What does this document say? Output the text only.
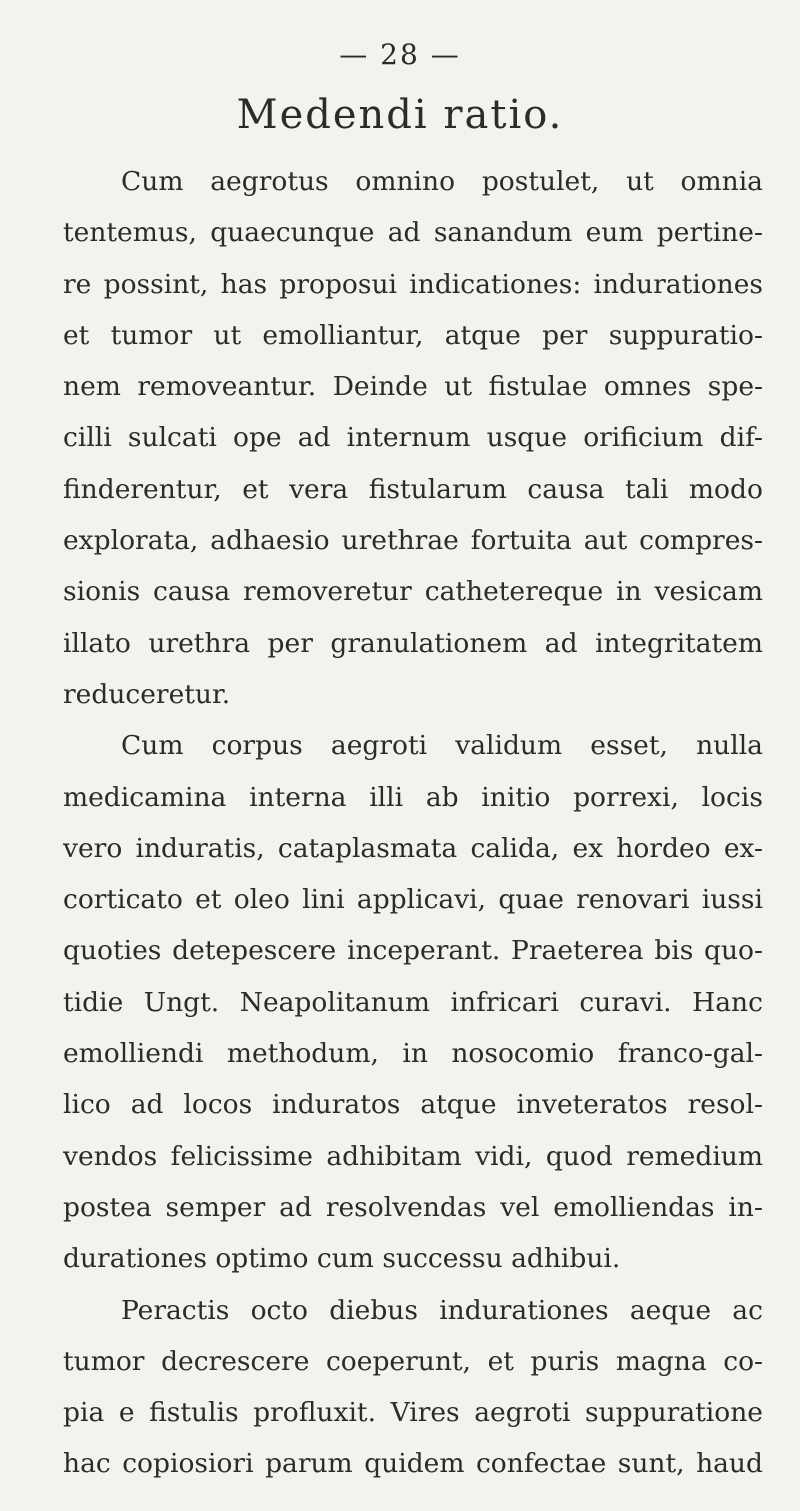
— 28 —
Medendi ratio.
Cum aegrotus omnino postulet, ut omnia
tentemus, quaecunque ad sanandum eum pertine-
re possint, has proposui indicationes: indurationes
et tumor ut emolliantur, atque per suppuratio-
nem removeantur. Deinde ut fistulae omnes spe-
cilli sulcati ope ad internum usque orificium dif-
finderentur, et vera fistularum causa tali modo
explorata, adhaesio urethrae fortuita aut compres-
sionis causa removeretur cathetereque in vesicam
illato urethra per granulationem ad integritatem
reduceretur.
Cum corpus aegroti validum esset, nulla
medicamina interna illi ab initio porrexi, locis
vero induratis, cataplasmata calida, ex hordeo ex-
corticato et oleo lini applicavi, quae renovari iussi
quoties detepescere inceperant. Praeterea bis quo-
tidie Ungt. Neapolitanum infricari curavi. Hanc
emolliendi methodum, in nosocomio franco-gal-
lico ad locos induratos atque inveteratos resol-
vendos felicissime adhibitam vidi, quod remedium
postea semper ad resolvendas vel emolliendas in-
durationes optimo cum successu adhibui.
Peractis octo diebus indurationes aeque ac
tumor decrescere coeperunt, et puris magna co-
pia e fistulis profluxit. Vires aegroti suppuratione
hac copiosiori parum quidem confectae sunt, haud
